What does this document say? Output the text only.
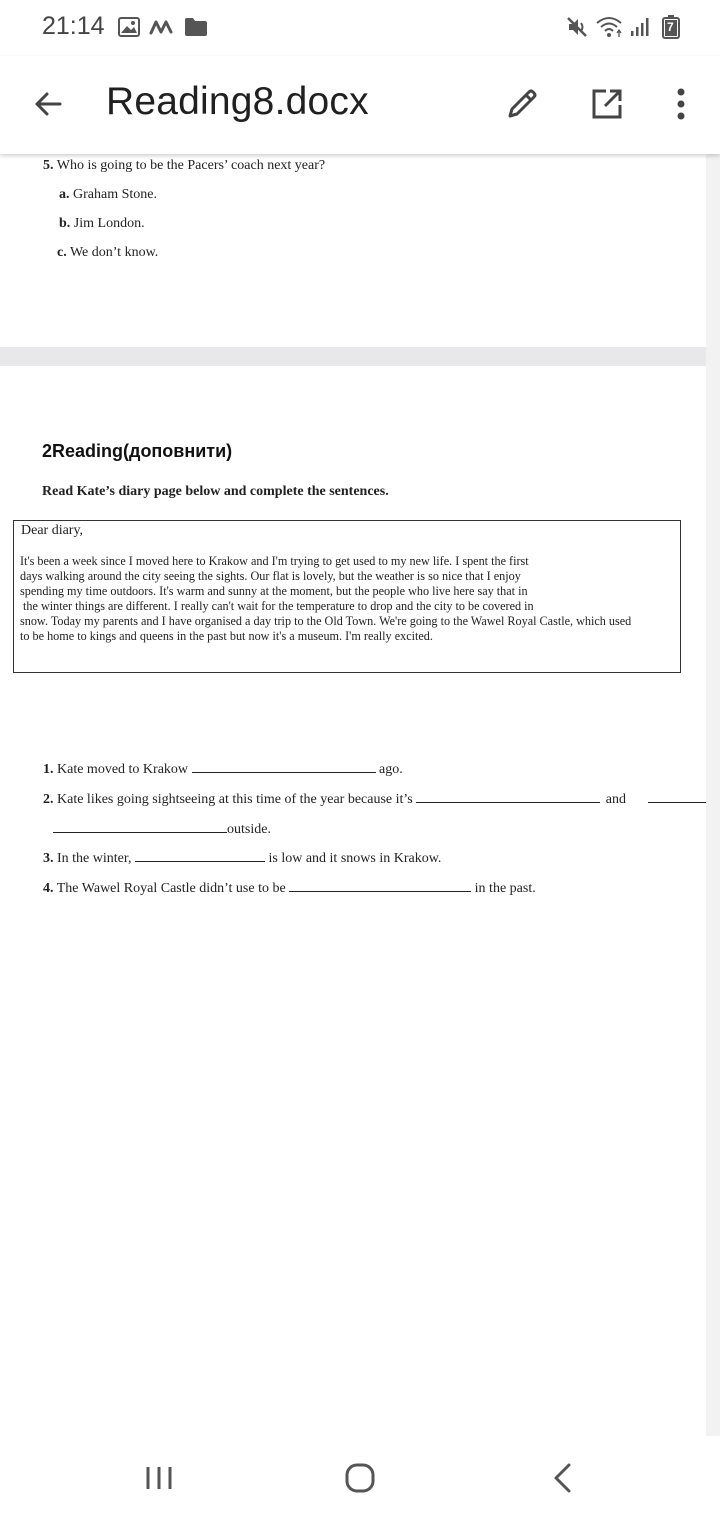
21:14	7
Reading8.docx
5. Who is going to be the Pacers’ coach next year?
a. Graham Stone.
b. Jim London.
c. We don’t know.
2Reading(доповнити)
Read Kate’s diary page below and complete the sentences.
Dear diary,
It's been a week since I moved here to Krakow and I'm trying to get used to my new life. I spent the first
days walking around the city seeing the sights. Our flat is lovely, but the weather is so nice that I enjoy
spending my time outdoors. It's warm and sunny at the moment, but the people who live here say that in
the winter things are different. I really can't wait for the temperature to drop and the city to be covered in
snow. Today my parents and I have organised a day trip to the Old Town. We're going to the Wawel Royal Castle, which used
to be home to kings and queens in the past but now it's a museum. I'm really excited.
1. Kate moved to Krakow	ago.
2. Kate likes going sightseeing at this time of the year because it’s	and
outside.
3. In the winter,	is low and it snows in Krakow.
4. The Wawel Royal Castle didn’t use to be	in the past.
